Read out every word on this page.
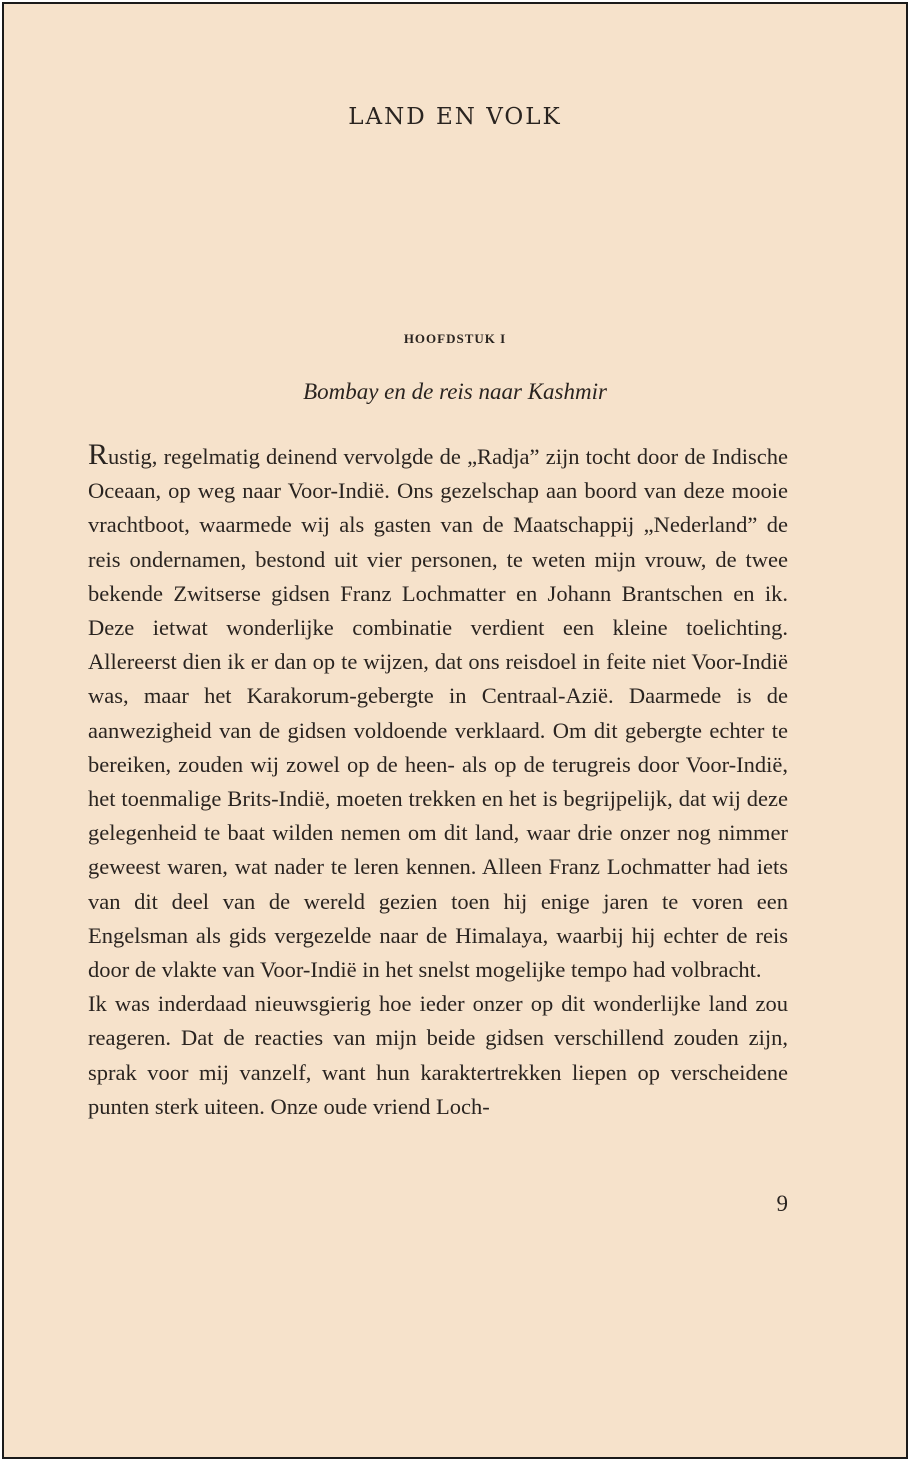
LAND EN VOLK
HOOFDSTUK I
Bombay en de reis naar Kashmir

Rustig, regelmatig deinend vervolgde de „Radja” zijn tocht door de Indische Oceaan, op weg naar Voor-Indië. Ons gezelschap aan boord van deze mooie vrachtboot, waarmede wij als gasten van de Maatschappij „Nederland” de reis ondernamen, bestond uit vier personen, te weten mijn vrouw, de twee bekende Zwitserse gidsen Franz Lochmatter en Johann Brantschen en ik. Deze ietwat wonderlijke combinatie verdient een kleine toelichting. Allereerst dien ik er dan op te wijzen, dat ons reisdoel in feite niet Voor-Indië was, maar het Karakorum-gebergte in Centraal-Azië. Daarmede is de aanwezigheid van de gidsen voldoende verklaard. Om dit gebergte echter te bereiken, zouden wij zowel op de heen- als op de terugreis door Voor-Indië, het toenmalige Brits-Indië, moeten trekken en het is begrijpelijk, dat wij deze gelegenheid te baat wilden nemen om dit land, waar drie onzer nog nimmer geweest waren, wat nader te leren kennen. Alleen Franz Lochmatter had iets van dit deel van de wereld gezien toen hij enige jaren te voren een Engelsman als gids vergezelde naar de Himalaya, waarbij hij echter de reis door de vlakte van Voor-Indië in het snelst mogelijke tempo had volbracht.

Ik was inderdaad nieuwsgierig hoe ieder onzer op dit wonderlijke land zou reageren. Dat de reacties van mijn beide gidsen verschillend zouden zijn, sprak voor mij vanzelf, want hun karaktertrekken liepen op verscheidene punten sterk uiteen. Onze oude vriend Loch-

9
